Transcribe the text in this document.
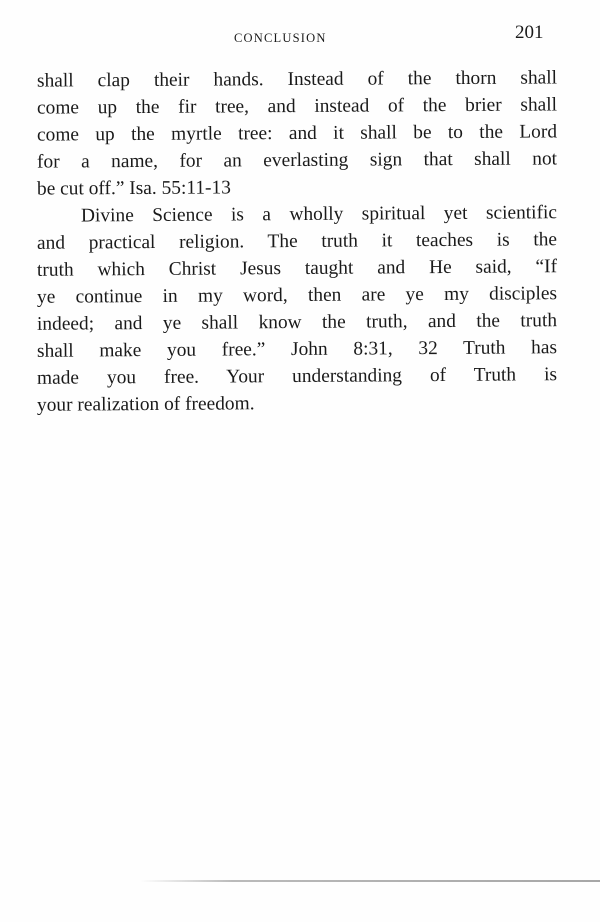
CONCLUSION	201
shall clap their hands. Instead of the thorn shall
come up the fir tree, and instead of the brier shall
come up the myrtle tree: and it shall be to the Lord
for a name, for an everlasting sign that shall not
be cut off.” Isa. 55:11-13
Divine Science is a wholly spiritual yet scientific
and practical religion. The truth it teaches is the
truth which Christ Jesus taught and He said, “If
ye continue in my word, then are ye my disciples
indeed; and ye shall know the truth, and the truth
shall make you free.” John 8:31, 32 Truth has
made you free. Your understanding of Truth is
your realization of freedom.
